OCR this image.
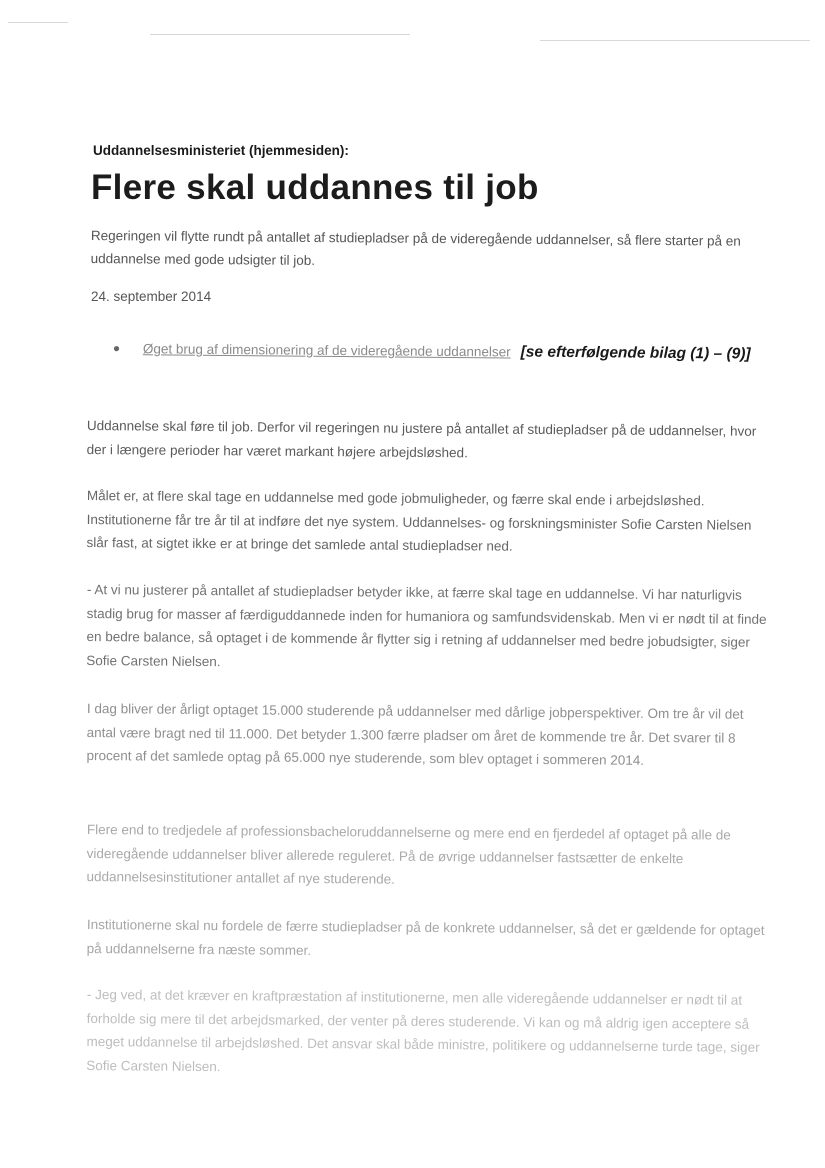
Uddannelsesministeriet (hjemmesiden):
Flere skal uddannes til job

Regeringen vil flytte rundt på antallet af studiepladser på de videregående uddannelser, så flere starter på en uddannelse med gode udsigter til job.

24. september 2014

● Øget brug af dimensionering af de videregående uddannelser [se efterfølgende bilag (1) – (9)]

Uddannelse skal føre til job. Derfor vil regeringen nu justere på antallet af studiepladser på de uddannelser, hvor der i længere perioder har været markant højere arbejdsløshed.

Målet er, at flere skal tage en uddannelse med gode jobmuligheder, og færre skal ende i arbejdsløshed. Institutionerne får tre år til at indføre det nye system. Uddannelses- og forskningsminister Sofie Carsten Nielsen slår fast, at sigtet ikke er at bringe det samlede antal studiepladser ned.

- At vi nu justerer på antallet af studiepladser betyder ikke, at færre skal tage en uddannelse. Vi har naturligvis stadig brug for masser af færdiguddannede inden for humaniora og samfundsvidenskab. Men vi er nødt til at finde en bedre balance, så optaget i de kommende år flytter sig i retning af uddannelser med bedre jobudsigter, siger Sofie Carsten Nielsen.

I dag bliver der årligt optaget 15.000 studerende på uddannelser med dårlige jobperspektiver. Om tre år vil det antal være bragt ned til 11.000. Det betyder 1.300 færre pladser om året de kommende tre år. Det svarer til 8 procent af det samlede optag på 65.000 nye studerende, som blev optaget i sommeren 2014.

Flere end to tredjedele af professionsbacheloruddannelserne og mere end en fjerdedel af optaget på alle de videregående uddannelser bliver allerede reguleret. På de øvrige uddannelser fastsætter de enkelte uddannelsesinstitutioner antallet af nye studerende.

Institutionerne skal nu fordele de færre studiepladser på de konkrete uddannelser, så det er gældende for optaget på uddannelserne fra næste sommer.

- Jeg ved, at det kræver en kraftpræstation af institutionerne, men alle videregående uddannelser er nødt til at forholde sig mere til det arbejdsmarked, der venter på deres studerende. Vi kan og må aldrig igen acceptere så meget uddannelse til arbejdsløshed. Det ansvar skal både ministre, politikere og uddannelserne turde tage, siger Sofie Carsten Nielsen.
